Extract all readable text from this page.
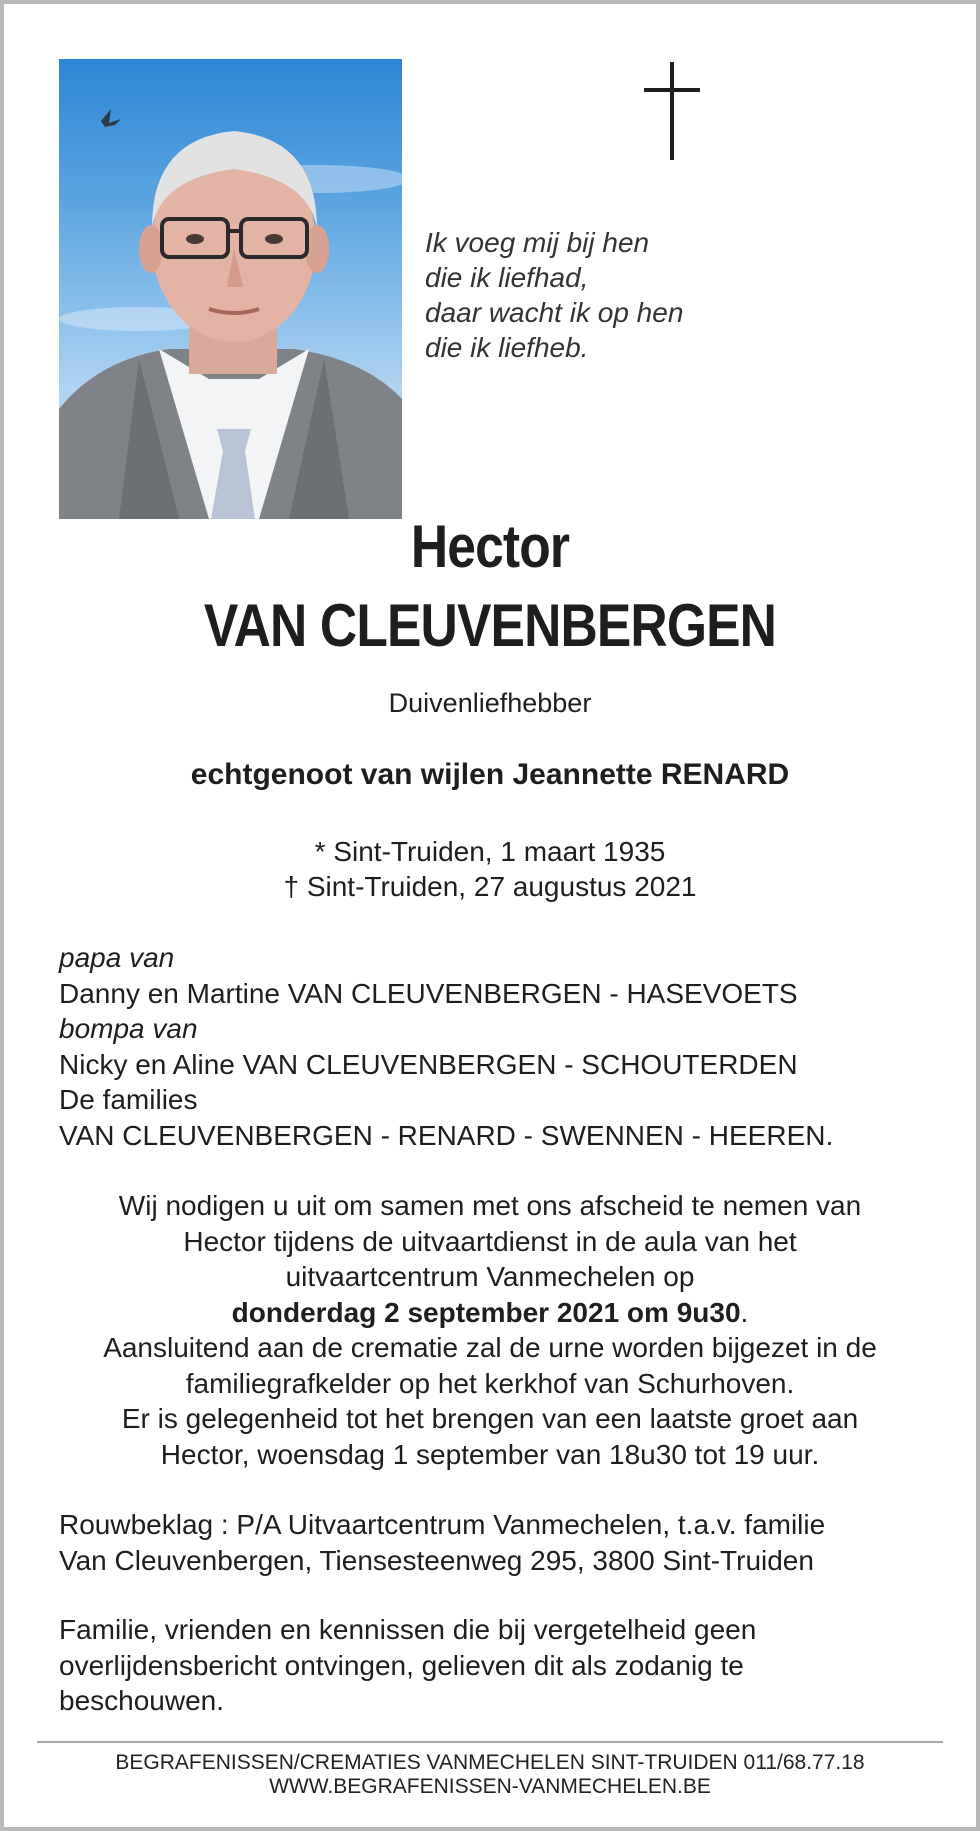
Ik voeg mij bij hen
die ik liefhad,
daar wacht ik op hen
die ik liefheb.
Hector
VAN CLEUVENBERGEN
Duivenliefhebber
echtgenoot van wijlen Jeannette RENARD
* Sint-Truiden, 1 maart 1935
† Sint-Truiden, 27 augustus 2021
papa van
Danny en Martine VAN CLEUVENBERGEN - HASEVOETS
bompa van
Nicky en Aline VAN CLEUVENBERGEN - SCHOUTERDEN
De families
VAN CLEUVENBERGEN - RENARD - SWENNEN - HEEREN.
Wij nodigen u uit om samen met ons afscheid te nemen van
Hector tijdens de uitvaartdienst in de aula van het
uitvaartcentrum Vanmechelen op
donderdag 2 september 2021 om 9u30.
Aansluitend aan de crematie zal de urne worden bijgezet in de
familiegrafkelder op het kerkhof van Schurhoven.
Er is gelegenheid tot het brengen van een laatste groet aan
Hector, woensdag 1 september van 18u30 tot 19 uur.
Rouwbeklag : P/A Uitvaartcentrum Vanmechelen, t.a.v. familie
Van Cleuvenbergen, Tiensesteenweg 295, 3800 Sint-Truiden
Familie, vrienden en kennissen die bij vergetelheid geen
overlijdensbericht ontvingen, gelieven dit als zodanig te
beschouwen.
BEGRAFENISSEN/CREMATIES VANMECHELEN SINT-TRUIDEN 011/68.77.18
WWW.BEGRAFENISSEN-VANMECHELEN.BE
